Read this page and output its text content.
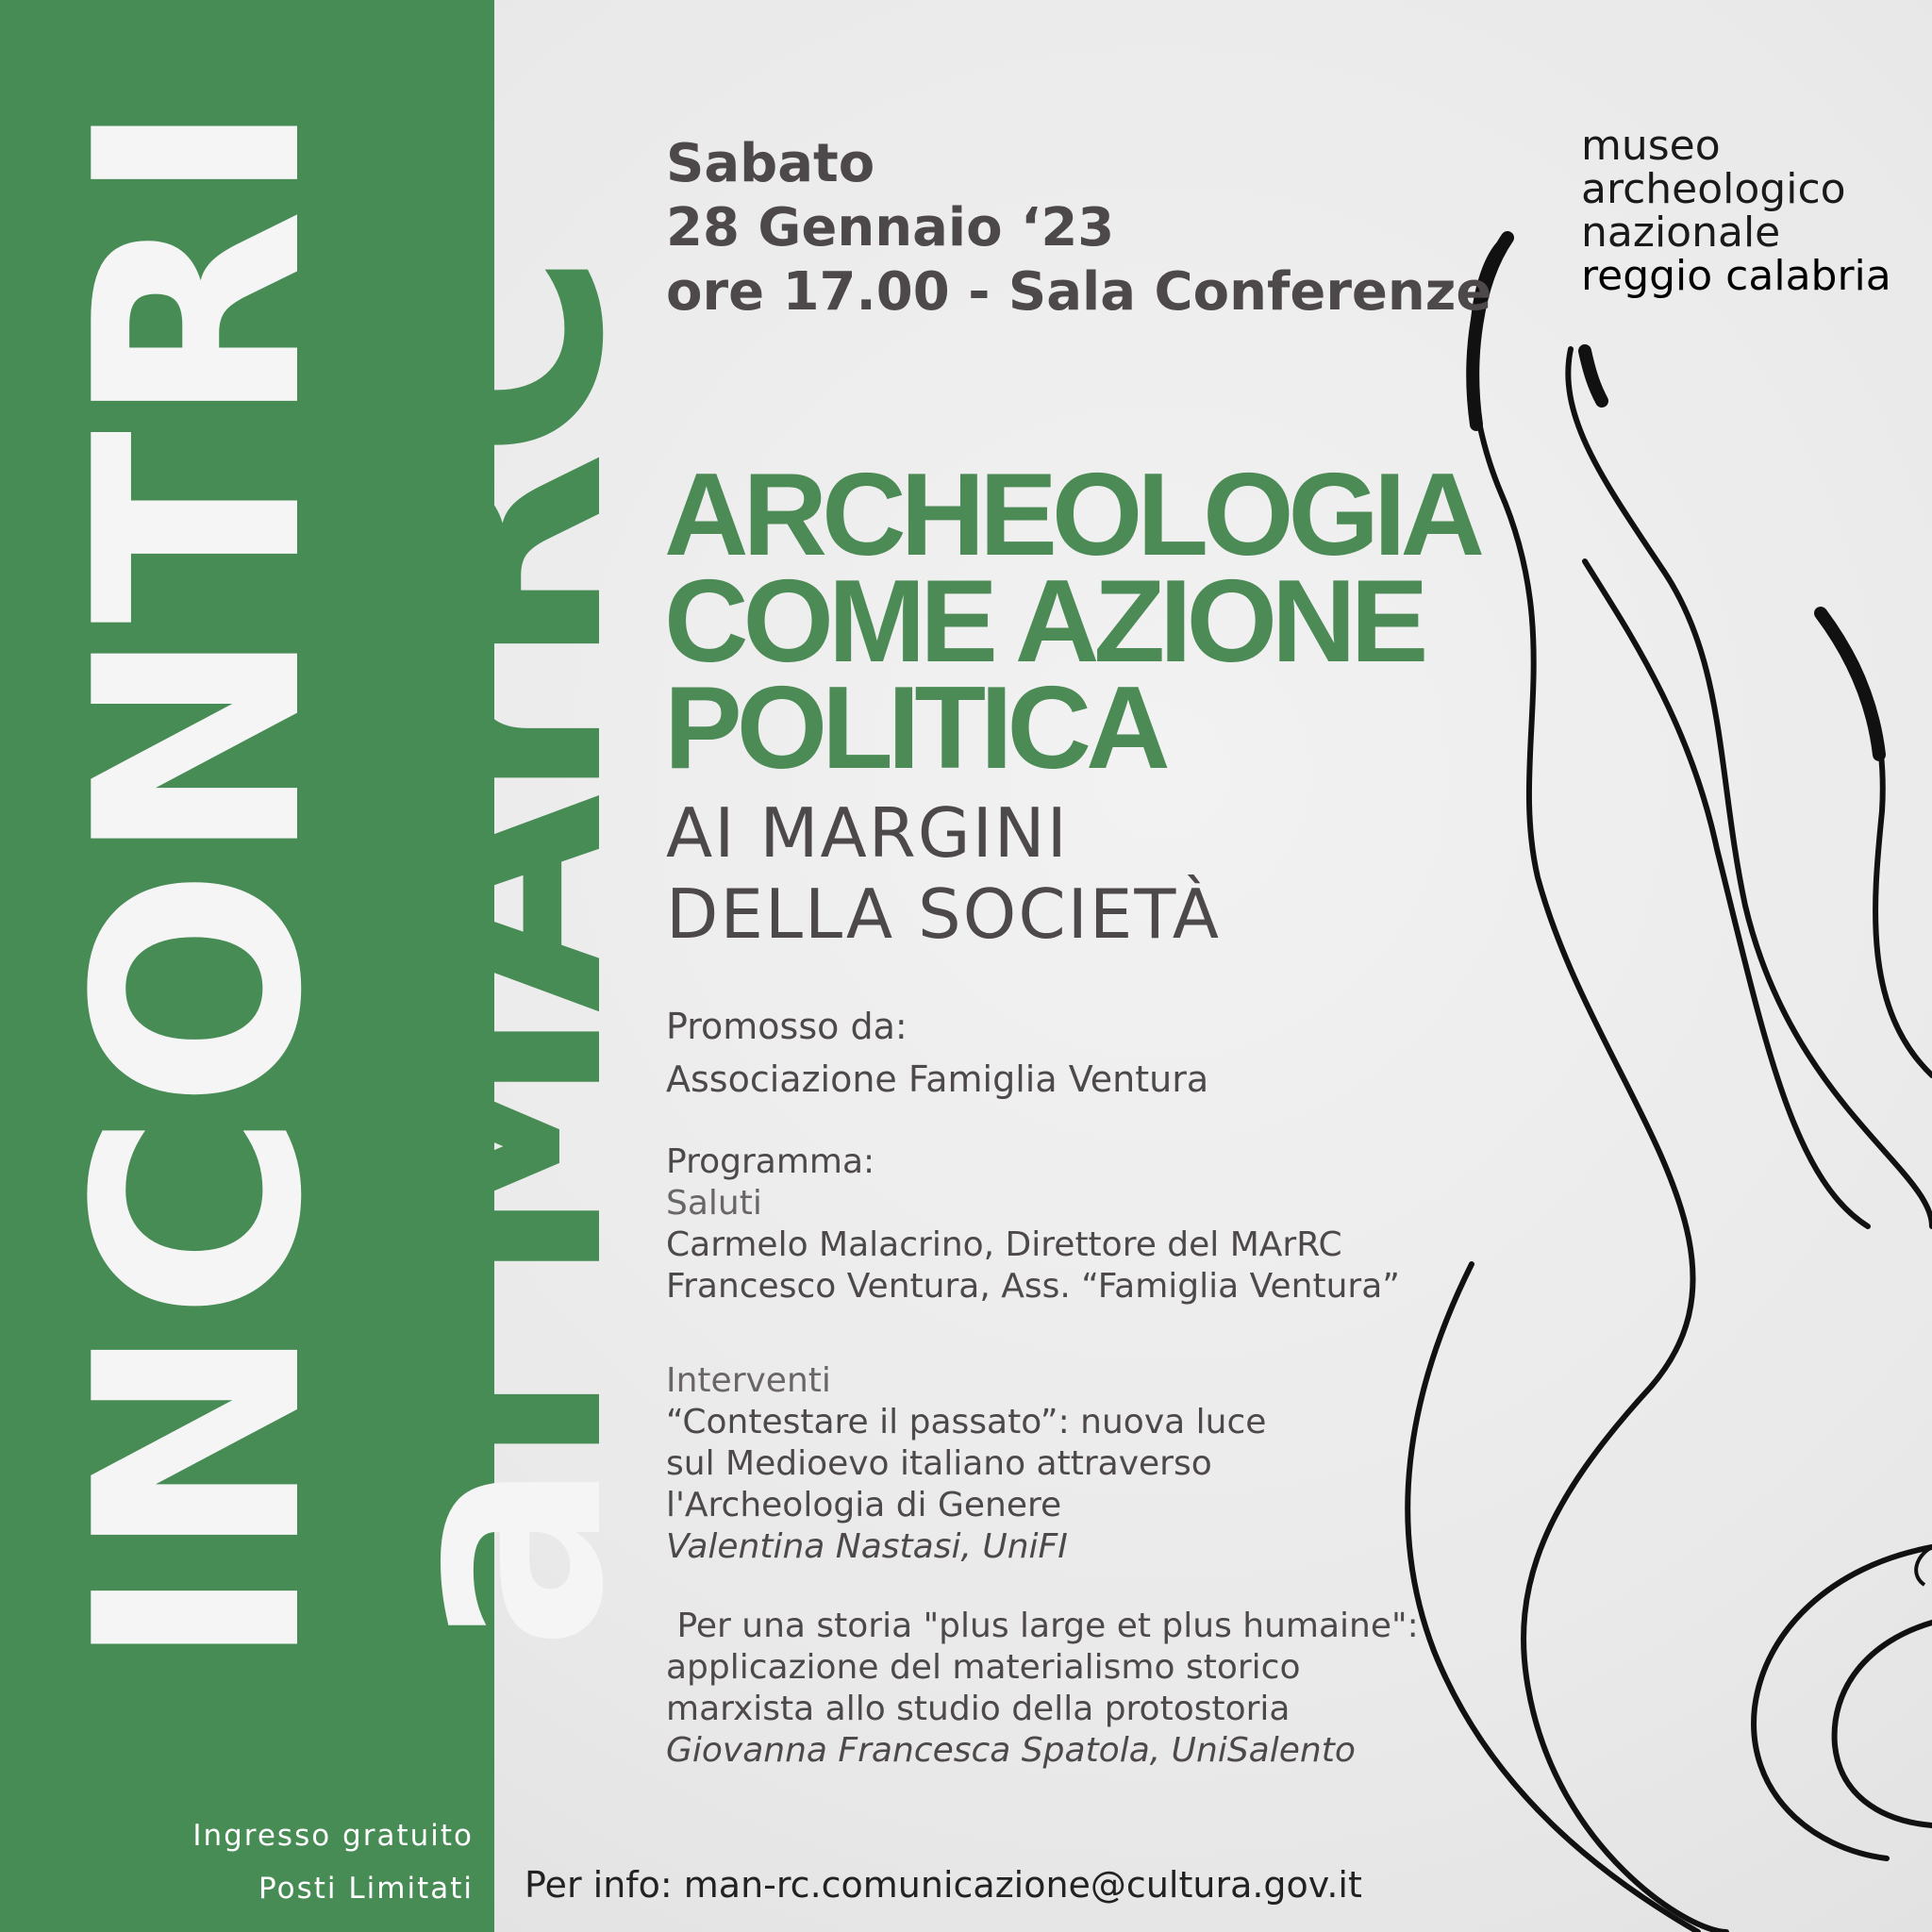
INCONTRI
al MArRC
Sabato
28 Gennaio ‘23
ore 17.00 - Sala Conferenze
ARCHEOLOGIA
COME AZIONE
POLITICA
AI MARGINI
DELLA SOCIETÀ
Promosso da:
Associazione Famiglia Ventura
Programma:
Saluti
Carmelo Malacrino, Direttore del MArRC
Francesco Ventura, Ass. “Famiglia Ventura”
Interventi
“Contestare il passato”: nuova luce
sul Medioevo italiano attraverso
l'Archeologia di Genere
Valentina Nastasi, UniFI
Per una storia "plus large et plus humaine":
applicazione del materialismo storico
marxista allo studio della protostoria
Giovanna Francesca Spatola, UniSalento
Ingresso gratuito
Posti Limitati Per info: man-rc.comunicazione@cultura.gov.it
museo
archeologico
nazionale
reggio calabria
